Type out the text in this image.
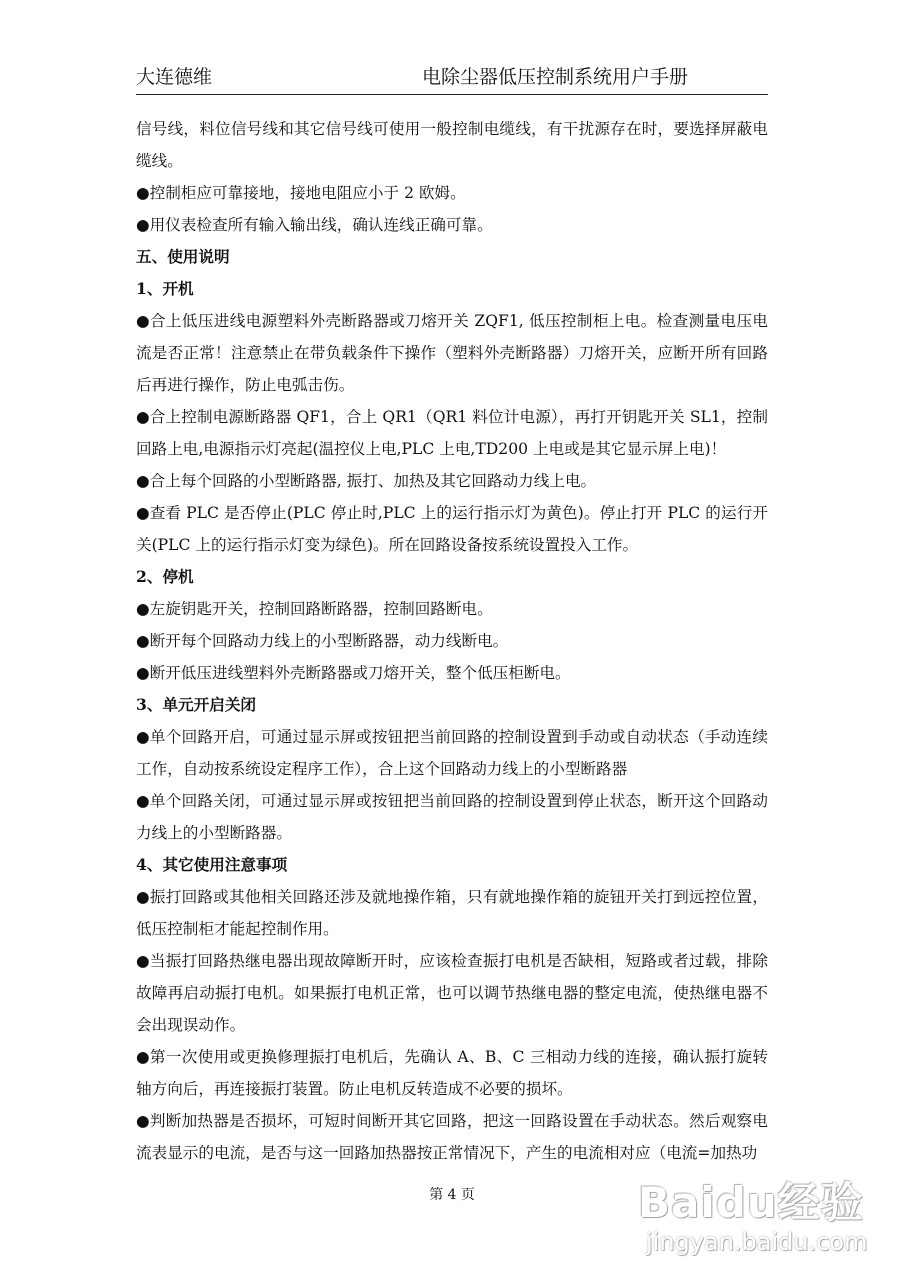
大连德维	电除尘器低压控制系统用户手册

信号线，料位信号线和其它信号线可使用一般控制电缆线，有干扰源存在时，要选择屏蔽电缆线。

●控制柜应可靠接地，接地电阻应小于 2 欧姆。

●用仪表检查所有输入输出线，确认连线正确可靠。

五、使用说明

1、开机

●合上低压进线电源塑料外壳断路器或刀熔开关 ZQF1, 低压控制柜上电。检查测量电压电流是否正常！注意禁止在带负载条件下操作（塑料外壳断路器）刀熔开关，应断开所有回路后再进行操作，防止电弧击伤。

●合上控制电源断路器 QF1，合上 QR1（QR1 料位计电源），再打开钥匙开关 SL1，控制回路上电,电源指示灯亮起(温控仪上电,PLC 上电,TD200 上电或是其它显示屏上电)！

●合上每个回路的小型断路器, 振打、加热及其它回路动力线上电。

●查看 PLC 是否停止(PLC 停止时,PLC 上的运行指示灯为黄色)。停止打开 PLC 的运行开关(PLC 上的运行指示灯变为绿色)。所在回路设备按系统设置投入工作。

2、停机

●左旋钥匙开关，控制回路断路器，控制回路断电。

●断开每个回路动力线上的小型断路器，动力线断电。

●断开低压进线塑料外壳断路器或刀熔开关，整个低压柜断电。

3、单元开启关闭

●单个回路开启，可通过显示屏或按钮把当前回路的控制设置到手动或自动状态（手动连续工作，自动按系统设定程序工作），合上这个回路动力线上的小型断路器

●单个回路关闭，可通过显示屏或按钮把当前回路的控制设置到停止状态，断开这个回路动力线上的小型断路器。

4、其它使用注意事项

●振打回路或其他相关回路还涉及就地操作箱，只有就地操作箱的旋钮开关打到远控位置，低压控制柜才能起控制作用。

●当振打回路热继电器出现故障断开时，应该检查振打电机是否缺相，短路或者过载，排除故障再启动振打电机。如果振打电机正常，也可以调节热继电器的整定电流，使热继电器不会出现误动作。

●第一次使用或更换修理振打电机后，先确认 A、B、C 三相动力线的连接，确认振打旋转轴方向后，再连接振打装置。防止电机反转造成不必要的损坏。

●判断加热器是否损坏，可短时间断开其它回路，把这一回路设置在手动状态。然后观察电流表显示的电流，是否与这一回路加热器按正常情况下，产生的电流相对应（电流=加热功

第 4 页	Baidu经验
jingyan.baidu.com
